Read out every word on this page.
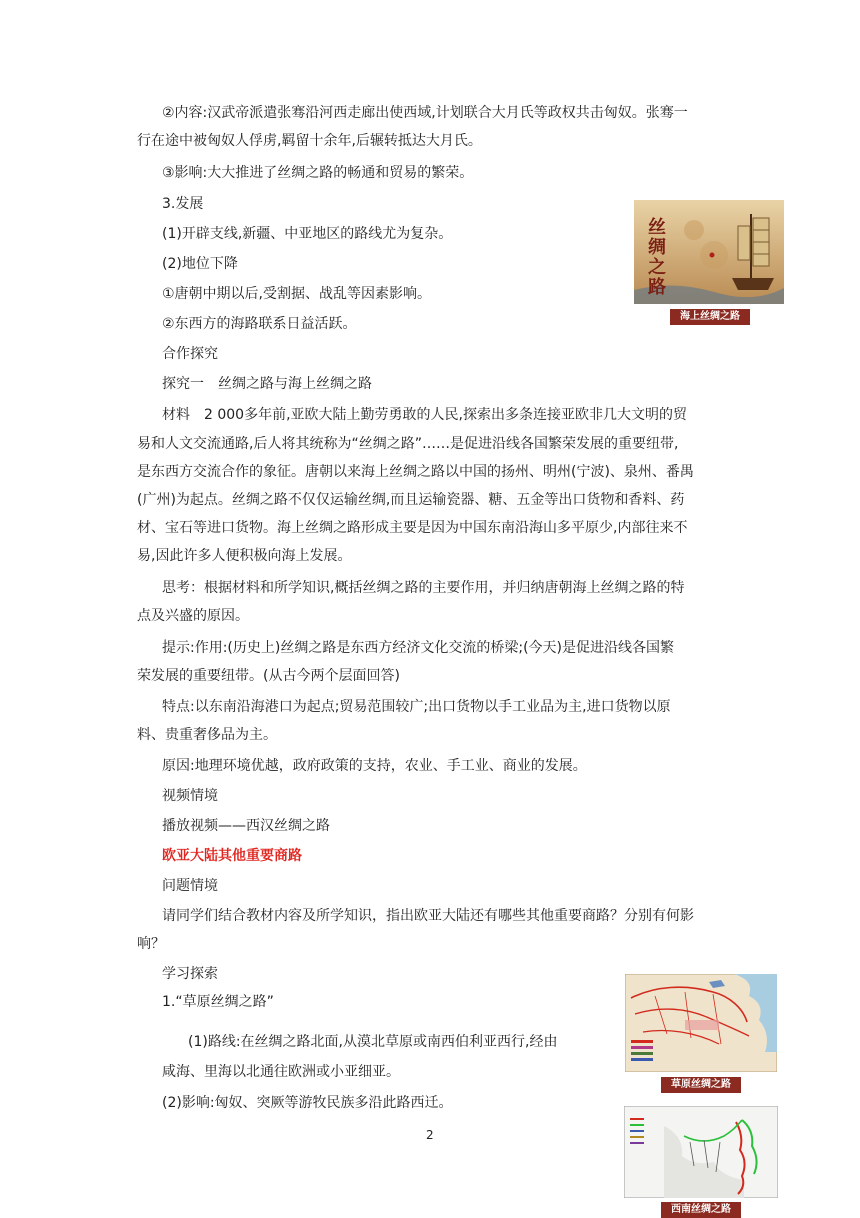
②内容:汉武帝派遣张骞沿河西走廊出使西域,计划联合大月氏等政权共击匈奴。张骞一
行在途中被匈奴人俘虏,羁留十余年,后辗转抵达大月氏。
③影响:大大推进了丝绸之路的畅通和贸易的繁荣。
3.发展
(1)开辟支线,新疆、中亚地区的路线尤为复杂。
(2)地位下降
①唐朝中期以后,受割据、战乱等因素影响。
②东西方的海路联系日益活跃。
合作探究
探究一　丝绸之路与海上丝绸之路
材料　2 000多年前,亚欧大陆上勤劳勇敢的人民,探索出多条连接亚欧非几大文明的贸
易和人文交流通路,后人将其统称为“丝绸之路”……是促进沿线各国繁荣发展的重要纽带,
是东西方交流合作的象征。唐朝以来海上丝绸之路以中国的扬州、明州(宁波)、泉州、番禺
(广州)为起点。丝绸之路不仅仅运输丝绸,而且运输瓷器、糖、五金等出口货物和香料、药
材、宝石等进口货物。海上丝绸之路形成主要是因为中国东南沿海山多平原少,内部往来不
易,因此许多人便积极向海上发展。
思考：根据材料和所学知识,概括丝绸之路的主要作用，并归纳唐朝海上丝绸之路的特
点及兴盛的原因。
提示:作用:(历史上)丝绸之路是东西方经济文化交流的桥梁;(今天)是促进沿线各国繁
荣发展的重要纽带。(从古今两个层面回答)
特点:以东南沿海港口为起点;贸易范围较广;出口货物以手工业品为主,进口货物以原
料、贵重奢侈品为主。
原因:地理环境优越，政府政策的支持，农业、手工业、商业的发展。
视频情境
播放视频——西汉丝绸之路
欧亚大陆其他重要商路
问题情境
请同学们结合教材内容及所学知识，指出欧亚大陆还有哪些其他重要商路？分别有何影
响？
学习探索
1.“草原丝绸之路”
(1)路线:在丝绸之路北面,从漠北草原或南西伯利亚西行,经由
咸海、里海以北通往欧洲或小亚细亚。
(2)影响:匈奴、突厥等游牧民族多沿此路西迁。
丝绸之路
海上丝绸之路
草原丝绸之路
西南丝绸之路
2
